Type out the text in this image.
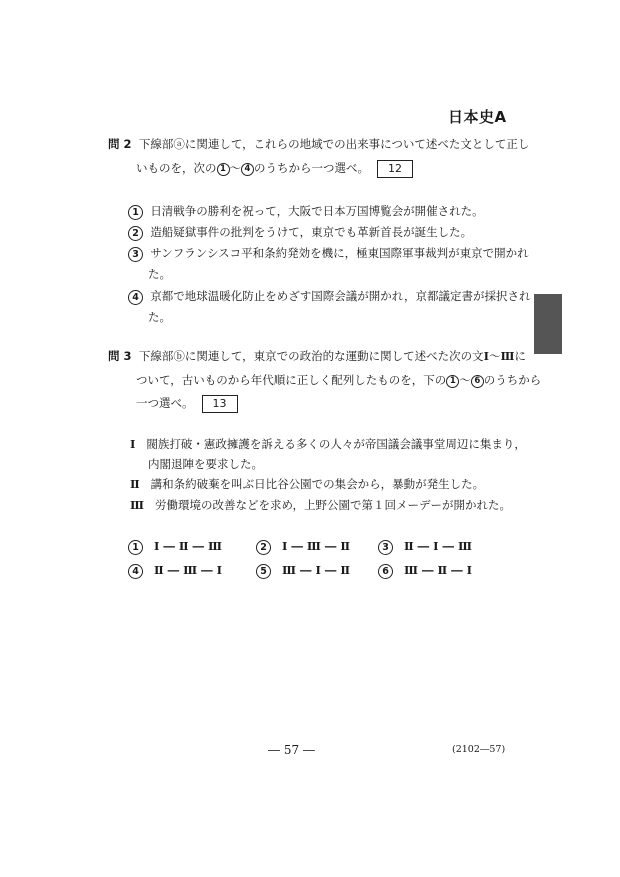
日本史A
問 2 下線部ⓐに関連して，これらの地域での出来事について述べた文として正し
いものを，次の 1 ～ 4 のうちから一つ選べ。 12
1 日清戦争の勝利を祝って，大阪で日本万国博覧会が開催された。
2 造船疑獄事件の批判をうけて，東京でも革新首長が誕生した。
3 サンフランシスコ平和条約発効を機に，極東国際軍事裁判が東京で開かれ
た。
4 京都で地球温暖化防止をめざす国際会議が開かれ，京都議定書が採択され
た。
問 3 下線部ⓑに関連して，東京での政治的な運動に関して述べた次の文Ⅰ～Ⅲに
ついて，古いものから年代順に正しく配列したものを，下の 1 ～ 6 のうちから
一つ選べ。 13
Ⅰ 閥族打破・憲政擁護を訴える多くの人々が帝国議会議事堂周辺に集まり，
内閣退陣を要求した。
Ⅱ 講和条約破棄を叫ぶ日比谷公園での集会から，暴動が発生した。
Ⅲ 労働環境の改善などを求め，上野公園で第１回メーデーが開かれた。
1 Ⅰ ― Ⅱ ― Ⅲ	2 Ⅰ ― Ⅲ ― Ⅱ	3 Ⅱ ― Ⅰ ― Ⅲ
4 Ⅱ ― Ⅲ ― Ⅰ	5 Ⅲ ― Ⅰ ― Ⅱ	6 Ⅲ ― Ⅱ ― Ⅰ
― 57 ―	(2102―57)
